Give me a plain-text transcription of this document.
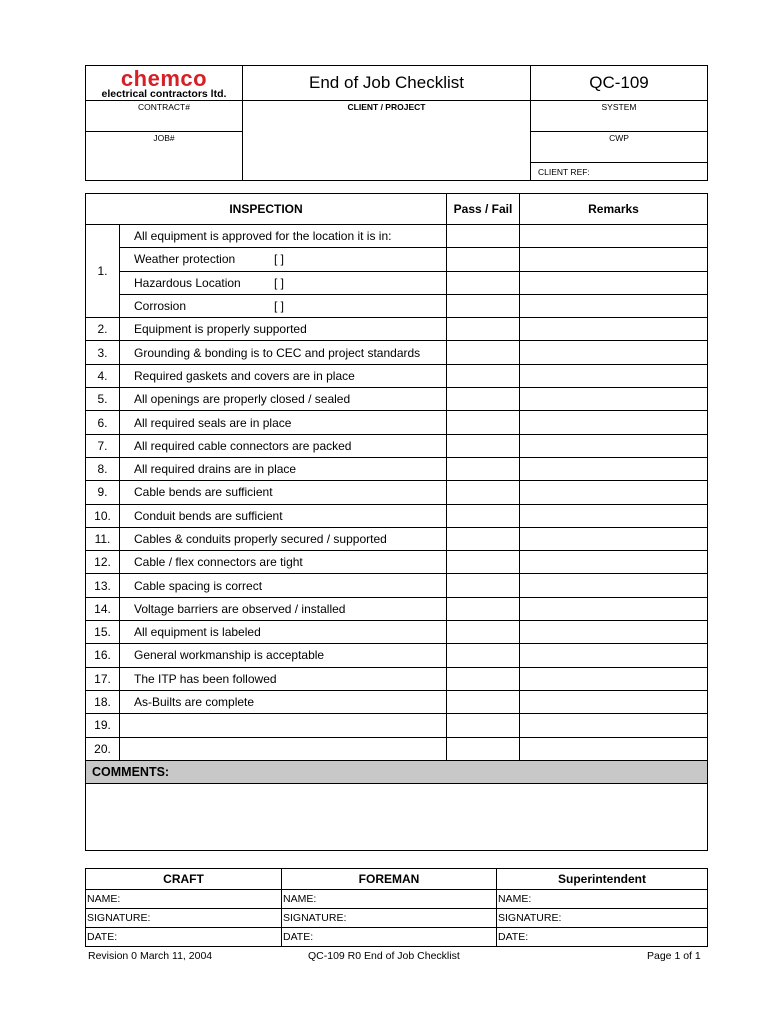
chemco
electrical contractors ltd.	End of Job Checklist	QC-109
CONTRACT#	CLIENT / PROJECT	SYSTEM
JOB#		CWP
		CLIENT REF:
INSPECTION		Pass / Fail	Remarks
1.	All equipment is approved for the location it is in:		
	Weather protection [ ]		
	Hazardous Location [ ]		
	Corrosion [ ]		
2.	Equipment is properly supported		
3.	Grounding & bonding is to CEC and project standards		
4.	Required gaskets and covers are in place		
5.	All openings are properly closed / sealed		
6.	All required seals are in place		
7.	All required cable connectors are packed		
8.	All required drains are in place		
9.	Cable bends are sufficient		
10.	Conduit bends are sufficient		
11.	Cables & conduits properly secured / supported		
12.	Cable / flex connectors are tight		
13.	Cable spacing is correct		
14.	Voltage barriers are observed / installed		
15.	All equipment is labeled		
16.	General workmanship is acceptable		
17.	The ITP has been followed		
18.	As-Builts are complete		
19.			
20.			
COMMENTS:			

CRAFT	FOREMAN	Superintendent
NAME:	NAME:	NAME:
SIGNATURE:	SIGNATURE:	SIGNATURE:
DATE:	DATE:	DATE:
Revision 0 March 11, 2004	QC-109 R0 End of Job Checklist	Page 1 of 1
